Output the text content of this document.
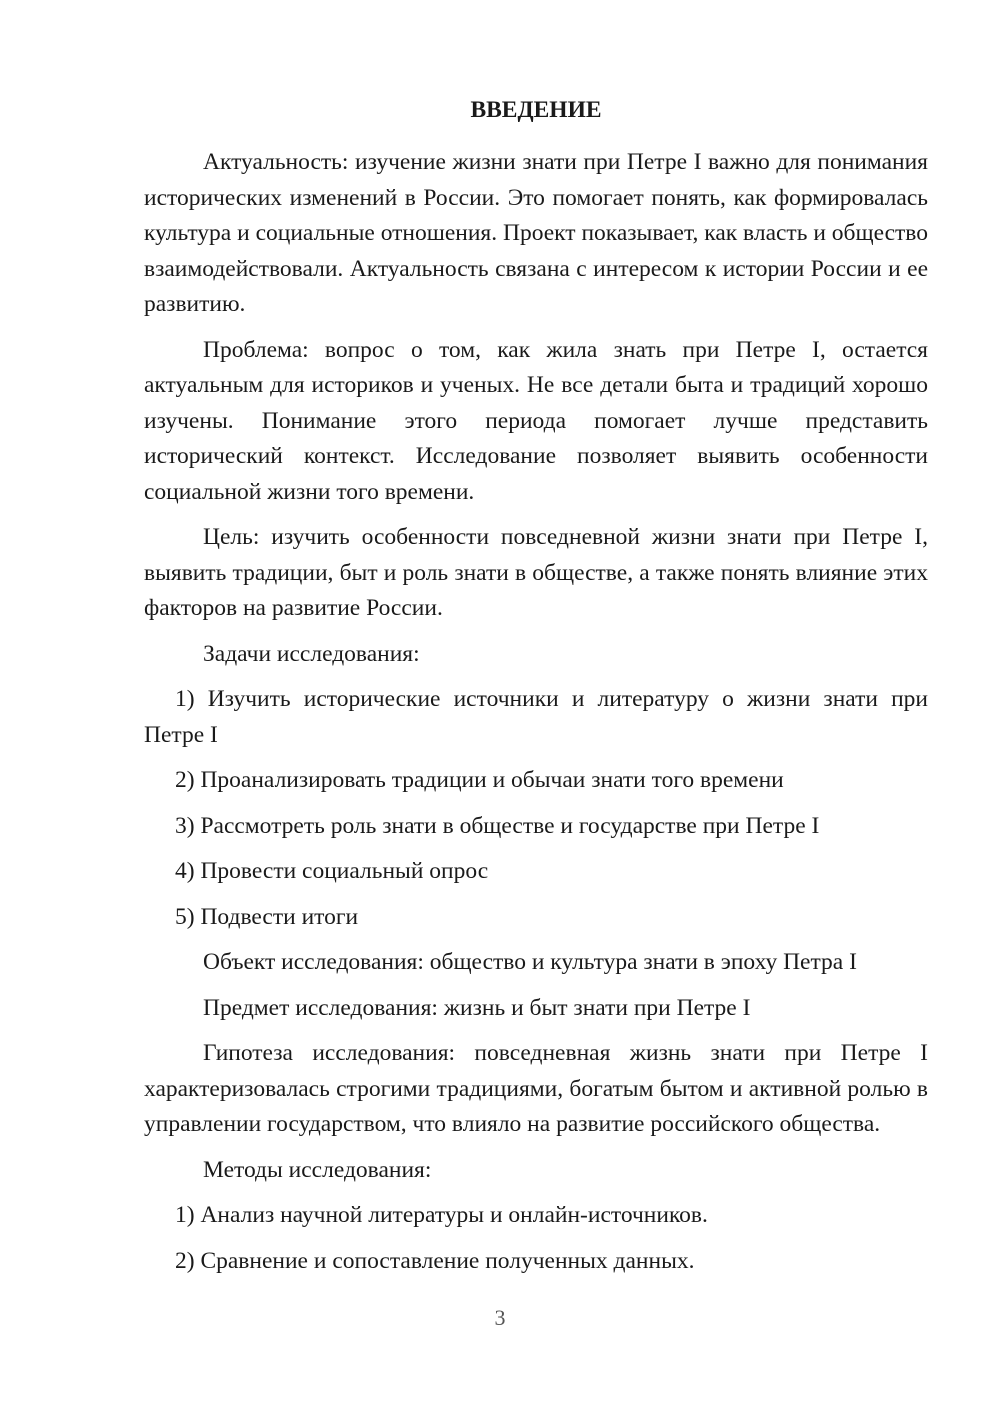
ВВЕДЕНИЕ

Актуальность: изучение жизни знати при Петре I важно для понимания исторических изменений в России. Это помогает понять, как формировалась культура и социальные отношения. Проект показывает, как власть и общество взаимодействовали. Актуальность связана с интересом к истории России и ее развитию.

Проблема: вопрос о том, как жила знать при Петре I, остается актуальным для историков и ученых. Не все детали быта и традиций хорошо изучены. Понимание этого периода помогает лучше представить исторический контекст. Исследование позволяет выявить особенности социальной жизни того времени.

Цель: изучить особенности повседневной жизни знати при Петре I, выявить традиции, быт и роль знати в обществе, а также понять влияние этих факторов на развитие России.

Задачи исследования:

1) Изучить исторические источники и литературу о жизни знати при Петре I

2) Проанализировать традиции и обычаи знати того времени

3) Рассмотреть роль знати в обществе и государстве при Петре I

4) Провести социальный опрос

5) Подвести итоги

Объект исследования: общество и культура знати в эпоху Петра I

Предмет исследования: жизнь и быт знати при Петре I

Гипотеза исследования: повседневная жизнь знати при Петре I характеризовалась строгими традициями, богатым бытом и активной ролью в управлении государством, что влияло на развитие российского общества.

Методы исследования:

1) Анализ научной литературы и онлайн-источников.

2) Сравнение и сопоставление полученных данных.

3
